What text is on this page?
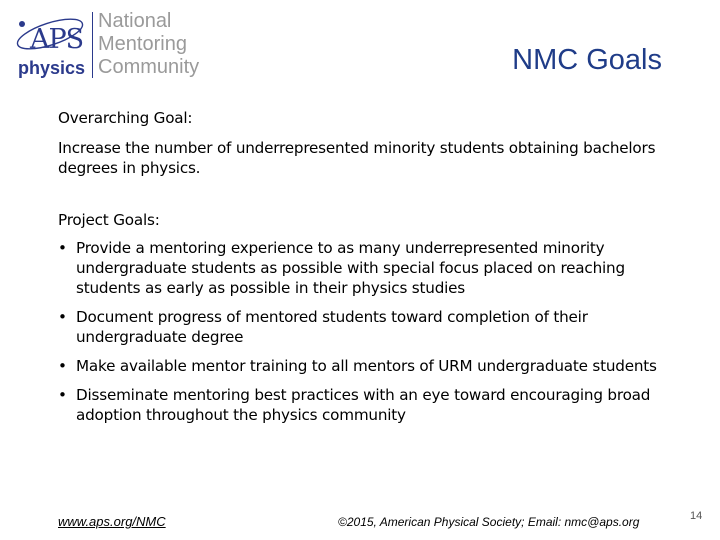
APS
physics
National
Mentoring
Community	NMC Goals

Overarching Goal:

Increase the number of underrepresented minority students obtaining bachelors degrees in physics.

Project Goals:

• Provide a mentoring experience to as many underrepresented minority undergraduate students as possible with special focus placed on reaching students as early as possible in their physics studies
• Document progress of mentored students toward completion of their undergraduate degree
• Make available mentor training to all mentors of URM undergraduate students
• Disseminate mentoring best practices with an eye toward encouraging broad adoption throughout the physics community
www.aps.org/NMC	©2015, American Physical Society; Email: nmc@aps.org	14
